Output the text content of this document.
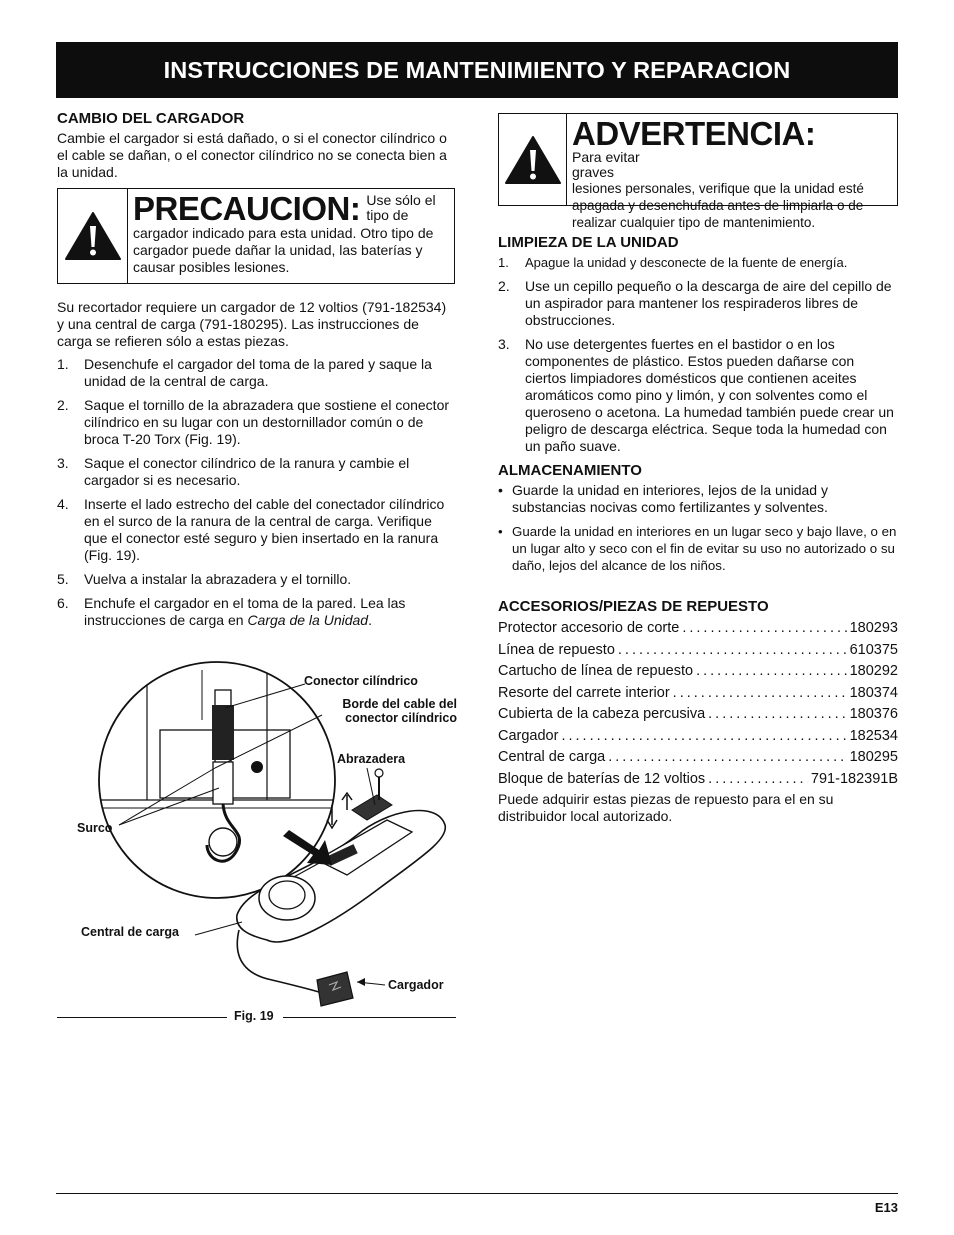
INSTRUCCIONES DE MANTENIMIENTO Y REPARACION
CAMBIO DEL CARGADOR

Cambie el cargador si está dañado, o si el conector cilíndrico o el cable se dañan, o el conector cilíndrico no se conecta bien a la unidad.

PRECAUCION: Use sólo el tipo de
cargador indicado para esta unidad. Otro tipo de cargador puede dañar la unidad, las baterías y causar posibles lesiones.

Su recortador requiere un cargador de 12 voltios (791-182534) y una central de carga (791-180295). Las instrucciones de carga se refieren sólo a estas piezas.

1.	Desenchufe el cargador del toma de la pared y saque la unidad de la central de carga.
2.	Saque el tornillo de la abrazadera que sostiene el conector cilíndrico en su lugar con un destornillador común o de broca T-20 Torx (Fig. 19).
3.	Saque el conector cilíndrico de la ranura y cambie el cargador si es necesario.
4.	Inserte el lado estrecho del cable del conectador cilíndrico en el surco de la ranura de la central de carga. Verifique que el conector esté seguro y bien insertado en la ranura (Fig. 19).
5.	Vuelva a instalar la abrazadera y el tornillo.
6.	Enchufe el cargador en el toma de la pared. Lea las instrucciones de carga en Carga de la Unidad.
Conector cilíndrico
Borde del cable del conector cilíndrico
Abrazadera
Surco
Central de carga
Cargador
Fig. 19
ADVERTENCIA:
Para evitar graves
lesiones personales, verifique que la unidad esté apagada y desenchufada antes de limpiarla o de realizar cualquier tipo de mantenimiento.
LIMPIEZA DE LA UNIDAD
1.	Apague la unidad y desconecte de la fuente de energía.
2.	Use un cepillo pequeño o la descarga de aire del cepillo de un aspirador para mantener los respiraderos libres de obstrucciones.
3.	No use detergentes fuertes en el bastidor o en los componentes de plástico. Estos pueden dañarse con ciertos limpiadores domésticos que contienen aceites aromáticos como pino y limón, y con solventes como el queroseno o acetona. La humedad también puede crear un peligro de descarga eléctrica. Seque toda la humedad con un paño suave.
ALMACENAMIENTO
• Guarde la unidad en interiores, lejos de la unidad y substancias nocivas como fertilizantes y solventes.
• Guarde la unidad en interiores en un lugar seco y bajo llave, o en un lugar alto y seco con el fin de evitar su uso no autorizado o su daño, lejos del alcance de los niños.
ACCESORIOS/PIEZAS DE REPUESTO
Protector accesorio de corte .....	180293
Línea de repuesto .....	610375
Cartucho de línea de repuesto .....	180292
Resorte del carrete interior .....	180374
Cubierta de la cabeza percusiva .....	180376
Cargador .....	182534
Central de carga .....	180295
Bloque de baterías de 12 voltios .....	791-182391B

Puede adquirir estas piezas de repuesto para el en su distribuidor local autorizado.

E13
